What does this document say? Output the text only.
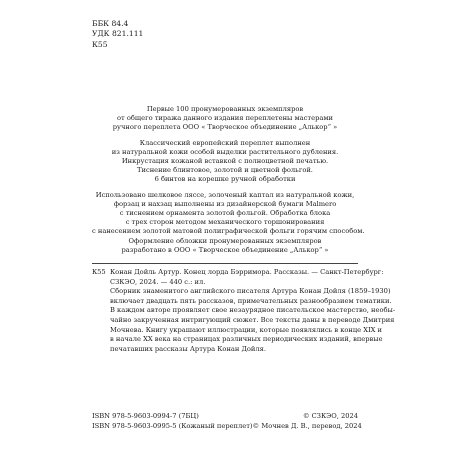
ББК 84.4
УДК 821.111
К55
Первые 100 пронумерованных экземпляров
от общего тиража данного издания переплетены мастерами
ручного переплета ООО « Творческое объединение „Алькор“ »
Классический европейский переплет выполнен
из натуральной кожи особой выделки растительного дубления.
Инкрустация кожаной вставкой с полноцветной печатью.
Тиснение блинтовое, золотой и цветной фольгой.
6 бинтов на корешке ручной обработки
Использовано шелковое ляссе, золоченый каптал из натуральной кожи,
форзац и нахзац выполнены из дизайнерской бумаги Malmero
с тиснением орнамента золотой фольгой. Обработка блока
с трех сторон методом механического торшонирования
с нанесением золотой матовой полиграфической фольги горячим способом.
Оформление обложки пронумерованных экземпляров
разработано в ООО « Творческое объединение „Алькор“ »
К55 Конан Дойль Артур. Конец лорда Бэрримора. Рассказы. — Санкт-Петербург:
СЗКЭО, 2024. — 440 с.: ил.
Сборник знаменитого английского писателя Артура Конан Дойля (1859–1930)
включает двадцать пять рассказов, примечательных разнообразием тематики.
В каждом авторе проявляет свое незаурядное писательское мастерство, необы-
чайно закрученная интригующий сюжет. Все тексты даны в переводе Дмитрия
Мочнева. Книгу украшают иллюстрации, которые появлялись в конце XIX и
в начале XX века на страницах различных периодических изданий, впервые
печатавших рассказы Артура Конан Дойля.
ISBN 978-5-9603-0994-7 (7БЦ)	© СЗКЭО, 2024
ISBN 978-5-9603-0995-5 (Кожаный переплет) © Мочнев Д. В., перевод, 2024
